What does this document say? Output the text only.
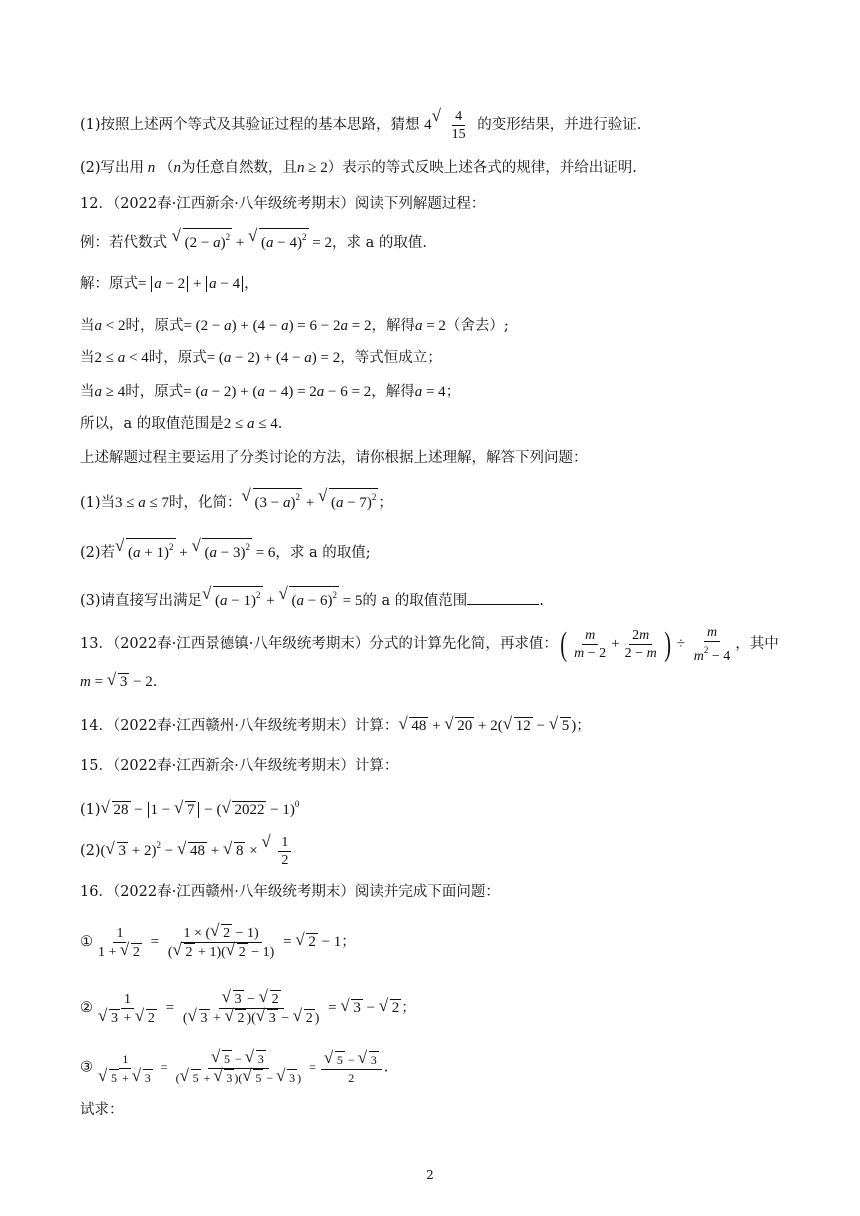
(1)按照上述两个等式及其验证过程的基本思路，猜想 4 √ $\frac{4}{15}$ 的变形结果，并进行验证.
(2)写出用 n （n为任意自然数，且n ≥ 2）表示的等式反映上述各式的规律，并给出证明.
12．（2022春·江西新余·八年级统考期末）阅读下列解题过程：
例：若代数式 √ $(2 - a)^2$ + √ $(a - 4)^2 = 2$，求 a 的取值.
解：原式= a − 2 + a − 4 ，
当a < 2时，原式= (2 − a) + (4 − a) = 6 − 2a = 2，解得a = 2（舍去）;
当2 ≤ a < 4时，原式= (a − 2) + (4 − a) = 2，等式恒成立；
当a ≥ 4时，原式= (a − 2) + (a − 4) = 2a − 6 = 2，解得a = 4；
所以，a 的取值范围是2 ≤ a ≤ 4.
上述解题过程主要运用了分类讨论的方法，请你根据上述理解，解答下列问题：
(1)当3 ≤ a ≤ 7时，化简： √ $(3 - a)^2$ + √ $(a - 7)^2$ ；
(2)若 √ $(a + 1)^2$ + √ $(a - 3)^2 = 6$，求 a 的取值;
(3)请直接写出满足 √ $(a - 1)^2$ + √ $(a - 6)^2 = 5$的 a 的取值范围	.
13．（2022春·江西景德镇·八年级统考期末）分式的计算先化简，再求值：( $\frac{m}{m - 2} + \frac{2m}{2 - m}$ ) ÷ $\frac{m}{m^2 - 4}$ ，其中
m = √ 3 − 2.
14．（2022春·江西赣州·八年级统考期末）计算： √ 48 + √ 20 + 2( √ 12 − √ 5 )；
15．（2022春·江西新余·八年级统考期末）计算：
(1) √ 28 − 1 − √ 7 − ( √ 2022 − 1)$^0$
(2)( √ 3 + 2)$^2$ − √ 48 + √ 8 × √ $\frac{1}{2}$
16．（2022春·江西赣州·八年级统考期末）阅读并完成下面问题：
① $\frac{1}{1 + √ 2} = \frac{1 \times ( √ 2 - 1)}{( √ 2 + 1)( √ 2 - 1)}$ = √ 2 − 1；
② 1
√ 3 + √ 2 = √ $\frac{3 - √ 2}{( √ 3 + √ 2 )( √ 3 - √ 2 )}$ = √ 3 − √ 2 ；
③ 1
√ 5 + √ 3 = √ $\frac{5 - √ 3}{( √ 5 + √ 3 )( √ 5 - √ 3 )}$ = √ $\frac{5 - √ 3}{2}$ .
试求：
2
